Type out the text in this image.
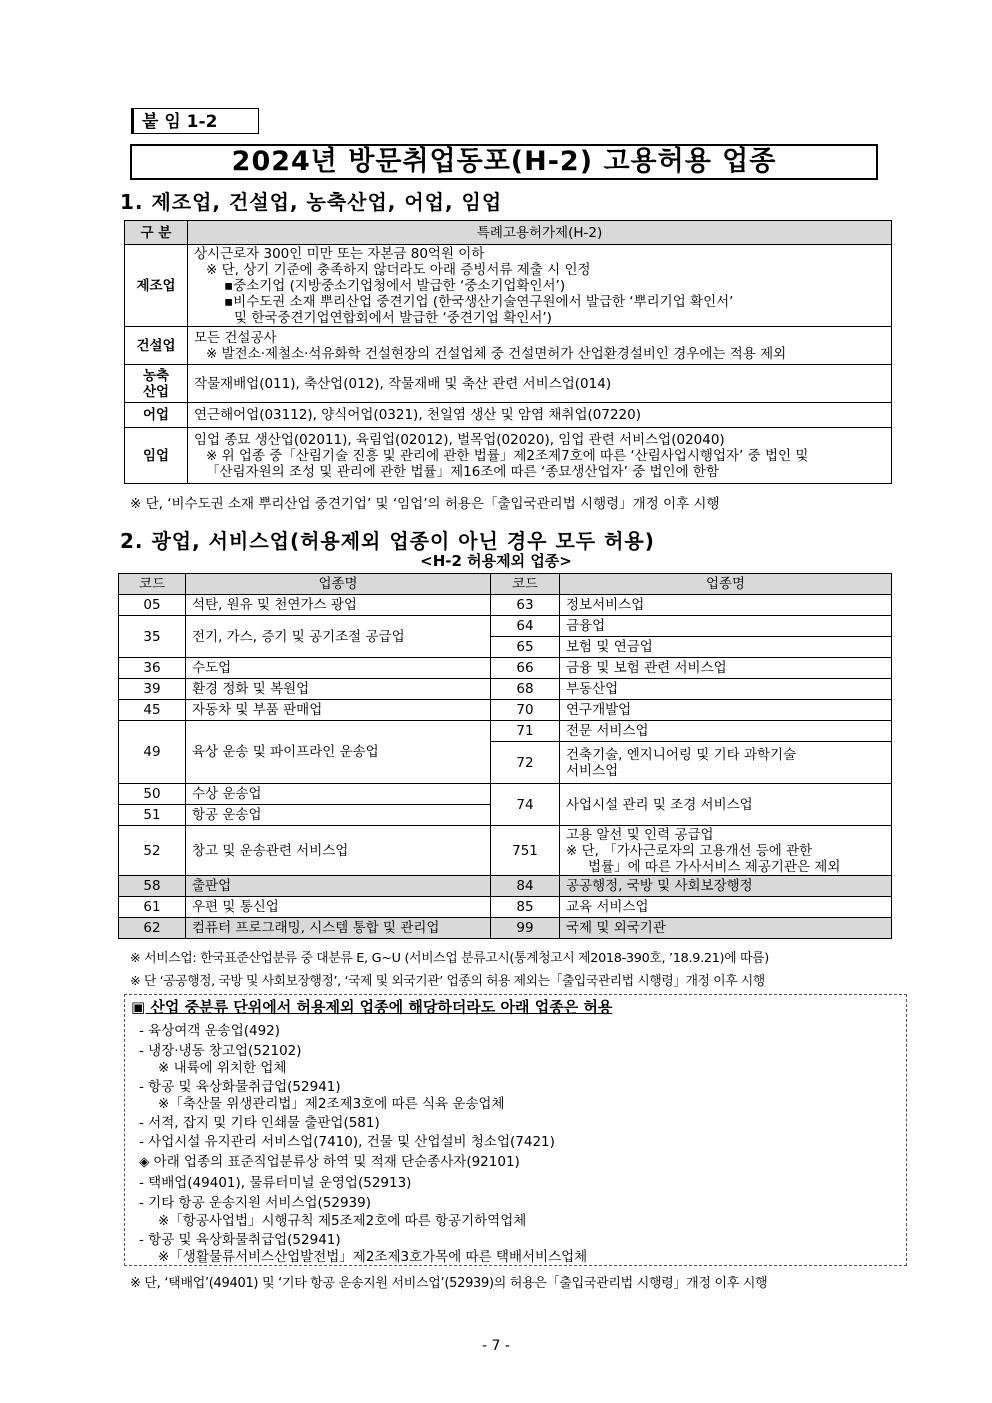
붙 임 1-2
2024년 방문취업동포(H-2) 고용허용 업종
1. 제조업, 건설업, 농축산업, 어업, 임업
구 분	특례고용허가제(H-2)
제조업	상시근로자 300인 미만 또는 자본금 80억원 이하
※ 단, 상기 기준에 충족하지 않더라도 아래 증빙서류 제출 시 인정
▪중소기업 (지방중소기업청에서 발급한 ‘중소기업확인서’)
▪비수도권 소재 뿌리산업 중견기업 (한국생산기술연구원에서 발급한 ‘뿌리기업 확인서’
및 한국중견기업연합회에서 발급한 ‘중견기업 확인서’)

건설업	모든 건설공사
※ 발전소·제철소·석유화학 건설현장의 건설업체 중 건설면허가 산업환경설비인 경우에는 적용 제외

농축
산업	작물재배업(011), 축산업(012), 작물재배 및 축산 관련 서비스업(014)
어업	연근해어업(03112), 양식어업(0321), 천일염 생산 및 암염 채취업(07220)
임업	임업 종묘 생산업(02011), 육림업(02012), 벌목업(02020), 임업 관련 서비스업(02040)
※ 위 업종 중「산림기술 진흥 및 관리에 관한 법률」제2조제7호에 따른 ‘산림사업시행업자’ 중 법인 및
「산림자원의 조성 및 관리에 관한 법률」제16조에 따른 ‘종묘생산업자’ 중 법인에 한함
※ 단, ‘비수도권 소재 뿌리산업 중견기업’ 및 ‘임업’의 허용은「출입국관리법 시행령」개정 이후 시행
2. 광업, 서비스업(허용제외 업종이 아닌 경우 모두 허용)
<H-2 허용제외 업종>
코드	업종명	코드	업종명
05	석탄, 원유 및 천연가스 광업	63	정보서비스업
35	전기, 가스, 증기 및 공기조절 공급업	64	금융업
		65	보험 및 연금업
36	수도업	66	금융 및 보험 관련 서비스업
39	환경 정화 및 복원업	68	부동산업
45	자동차 및 부품 판매업	70	연구개발업
49	육상 운송 및 파이프라인 운송업	71	전문 서비스업
		72	건축기술, 엔지니어링 및 기타 과학기술
서비스업

50	수상 운송업	74	사업시설 관리 및 조경 서비스업
51	항공 운송업		
52	창고 및 운송관련 서비스업	751	고용 알선 및 인력 공급업
※ 단, 「가사근로자의 고용개선 등에 관한
법률」에 따른 가사서비스 제공기관은 제외

58	출판업	84	공공행정, 국방 및 사회보장행정
61	우편 및 통신업	85	교육 서비스업
62	컴퓨터 프로그래밍, 시스템 통합 및 관리업	99	국제 및 외국기관
※ 서비스업: 한국표준산업분류 중 대분류 E, G~U (서비스업 분류고시(통계청고시 제2018-390호, ’18.9.21)에 따름)
※ 단 ‘공공행정, 국방 및 사회보장행정’, ‘국제 및 외국기관’ 업종의 허용 제외는「출입국관리법 시행령」개정 이후 시행
▣ 산업 중분류 단위에서 허용제외 업종에 해당하더라도 아래 업종은 허용
- 육상여객 운송업(492)
- 냉장·냉동 창고업(52102)
※ 내륙에 위치한 업체
- 항공 및 육상화물취급업(52941)
※「축산물 위생관리법」제2조제3호에 따른 식육 운송업체
- 서적, 잡지 및 기타 인쇄물 출판업(581)
- 사업시설 유지관리 서비스업(7410), 건물 및 산업설비 청소업(7421)
◈ 아래 업종의 표준직업분류상 하역 및 적재 단순종사자(92101)
- 택배업(49401), 물류터미널 운영업(52913)
- 기타 항공 운송지원 서비스업(52939)
※「항공사업법」시행규칙 제5조제2호에 따른 항공기하역업체
- 항공 및 육상화물취급업(52941)
※「생활물류서비스산업발전법」제2조제3호가목에 따른 택배서비스업체
※ 단, ‘택배업’(49401) 및 ‘기타 항공 운송지원 서비스업’(52939)의 허용은「출입국관리법 시행령」개정 이후 시행
- 7 -
